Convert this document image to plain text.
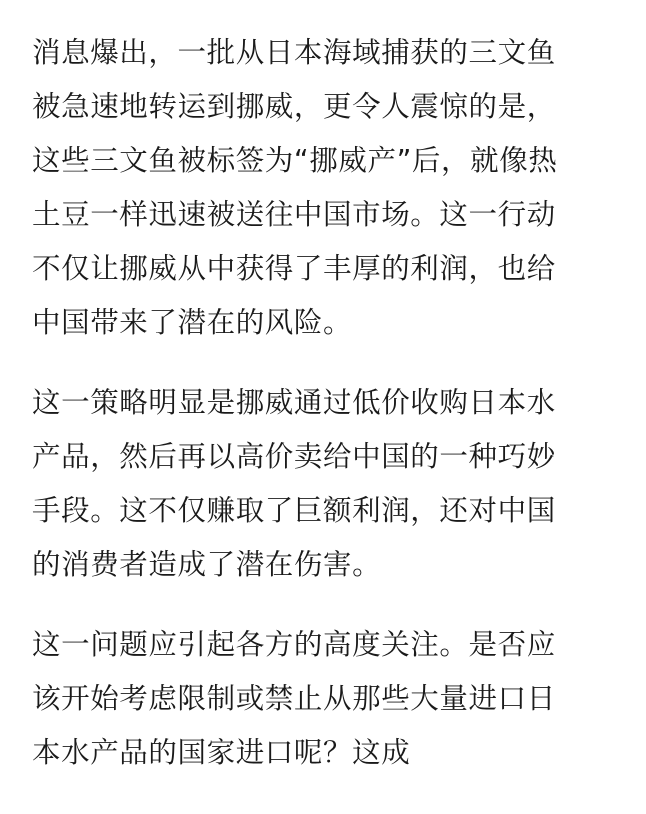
消息爆出，一批从日本海域捕获的三文鱼
被急速地转运到挪威，更令人震惊的是，
这些三文鱼被标签为“挪威产”后，就像热
土豆一样迅速被送往中国市场。这一行动
不仅让挪威从中获得了丰厚的利润，也给
中国带来了潜在的风险。
这一策略明显是挪威通过低价收购日本水
产品，然后再以高价卖给中国的一种巧妙
手段。这不仅赚取了巨额利润，还对中国
的消费者造成了潜在伤害。
这一问题应引起各方的高度关注。是否应
该开始考虑限制或禁止从那些大量进口日
本水产品的国家进口呢？这成
